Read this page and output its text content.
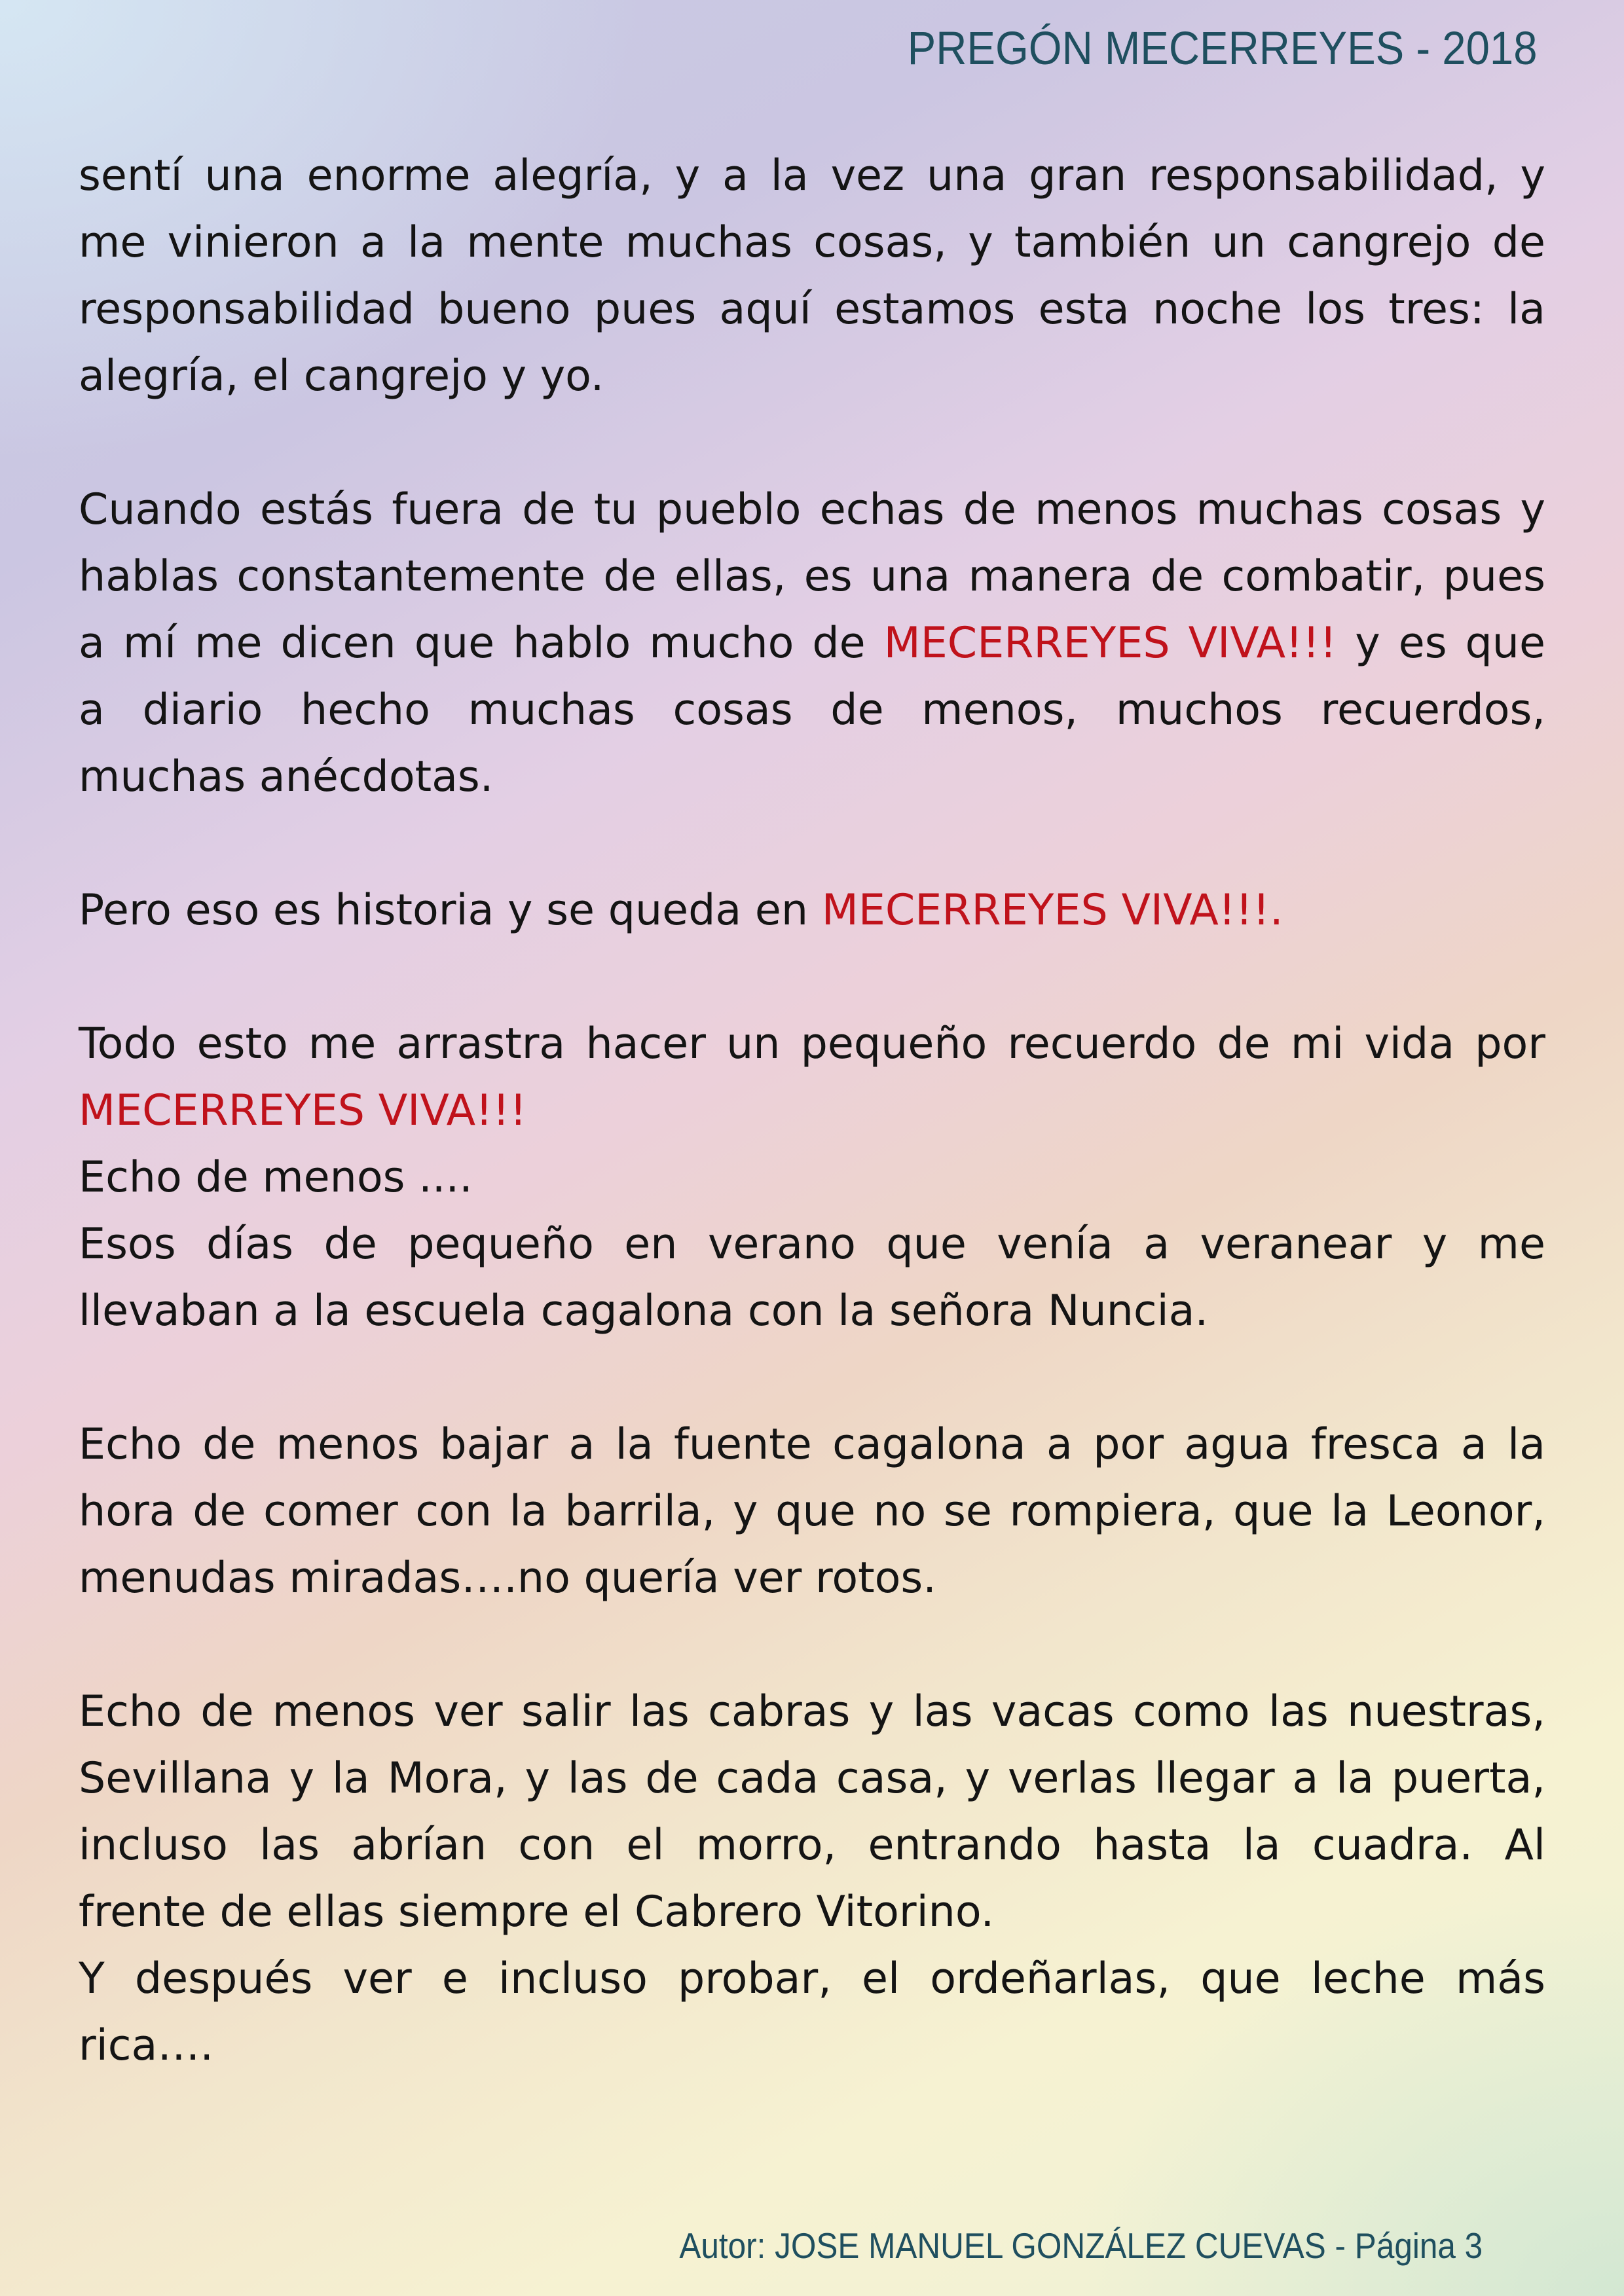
PREGÓN MECERREYES - 2018
sentí una enorme alegría, y a la vez una gran responsabilidad, y
me vinieron a la mente muchas cosas, y también un cangrejo de
responsabilidad bueno pues aquí estamos esta noche los tres: la
alegría, el cangrejo y yo.
Cuando estás fuera de tu pueblo echas de menos muchas cosas y
hablas constantemente de ellas, es una manera de combatir, pues
a mí me dicen que hablo mucho de MECERREYES VIVA!!! y es que
a diario hecho muchas cosas de menos, muchos recuerdos,
muchas anécdotas.
Pero eso es historia y se queda en MECERREYES VIVA!!!.
Todo esto me arrastra hacer un pequeño recuerdo de mi vida por
MECERREYES VIVA!!!
Echo de menos ....
Esos días de pequeño en verano que venía a veranear y me
llevaban a la escuela cagalona con la señora Nuncia.
Echo de menos bajar a la fuente cagalona a por agua fresca a la
hora de comer con la barrila, y que no se rompiera, que la Leonor,
menudas miradas….no quería ver rotos.
Echo de menos ver salir las cabras y las vacas como las nuestras,
Sevillana y la Mora, y las de cada casa, y verlas llegar a la puerta,
incluso las abrían con el morro, entrando hasta la cuadra. Al
frente de ellas siempre el Cabrero Vitorino.
Y después ver e incluso probar, el ordeñarlas, que leche más
rica….
Autor: JOSE MANUEL GONZÁLEZ CUEVAS - Página 3
